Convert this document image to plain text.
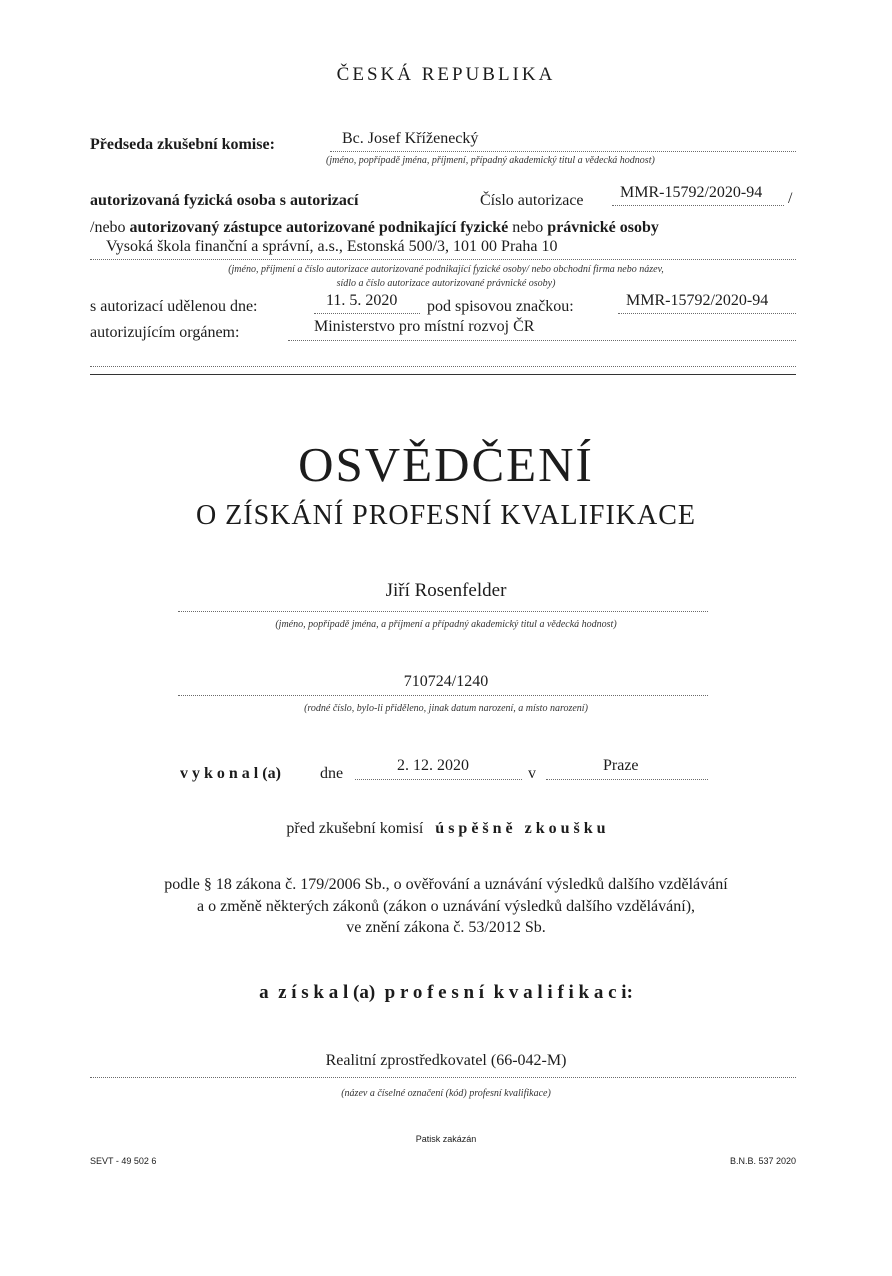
ČESKÁ REPUBLIKA
Předseda zkušební komise:	Bc. Josef Kříženecký
(jméno, popřípadě jména, příjmení, případný akademický titul a vědecká hodnost)
autorizovaná fyzická osoba s autorizací	Číslo autorizace MMR-15792/2020-94 /
/nebo autorizovaný zástupce autorizované podnikající fyzické nebo právnické osoby
Vysoká škola finanční a správní, a.s., Estonská 500/3, 101 00 Praha 10
(jméno, příjmení a číslo autorizace autorizované podnikající fyzické osoby/ nebo obchodní firma nebo název,
sídlo a číslo autorizace autorizované právnické osoby)
s autorizací udělenou dne:	11. 5. 2020 pod spisovou značkou:	MMR-15792/2020-94
autorizujícím orgánem:	Ministerstvo pro místní rozvoj ČR
OSVĚDČENÍ
O ZÍSKÁNÍ PROFESNÍ KVALIFIKACE
Jiří Rosenfelder
(jméno, popřípadě jména, a příjmení a případný akademický titul a vědecká hodnost)
710724/1240
(rodné číslo, bylo-li přiděleno, jinak datum narození, a místo narození)
v y k o n a l (a) dne	2. 12. 2020	v	Praze
před zkušební komisí ú s p ě š n ě   z k o u š k u
podle § 18 zákona č. 179/2006 Sb., o ověřování a uznávání výsledků dalšího vzdělávání
a o změně některých zákonů (zákon o uznávání výsledků dalšího vzdělávání),
ve znění zákona č. 53/2012 Sb.
a  z í s k a l (a)  p r o f e s n í  k v a l i f i k a c i:
Realitní zprostředkovatel (66-042-M)
(název a číselné označení (kód) profesní kvalifikace)
Patisk zakázán
SEVT - 49 502 6	B.N.B. 537 2020
